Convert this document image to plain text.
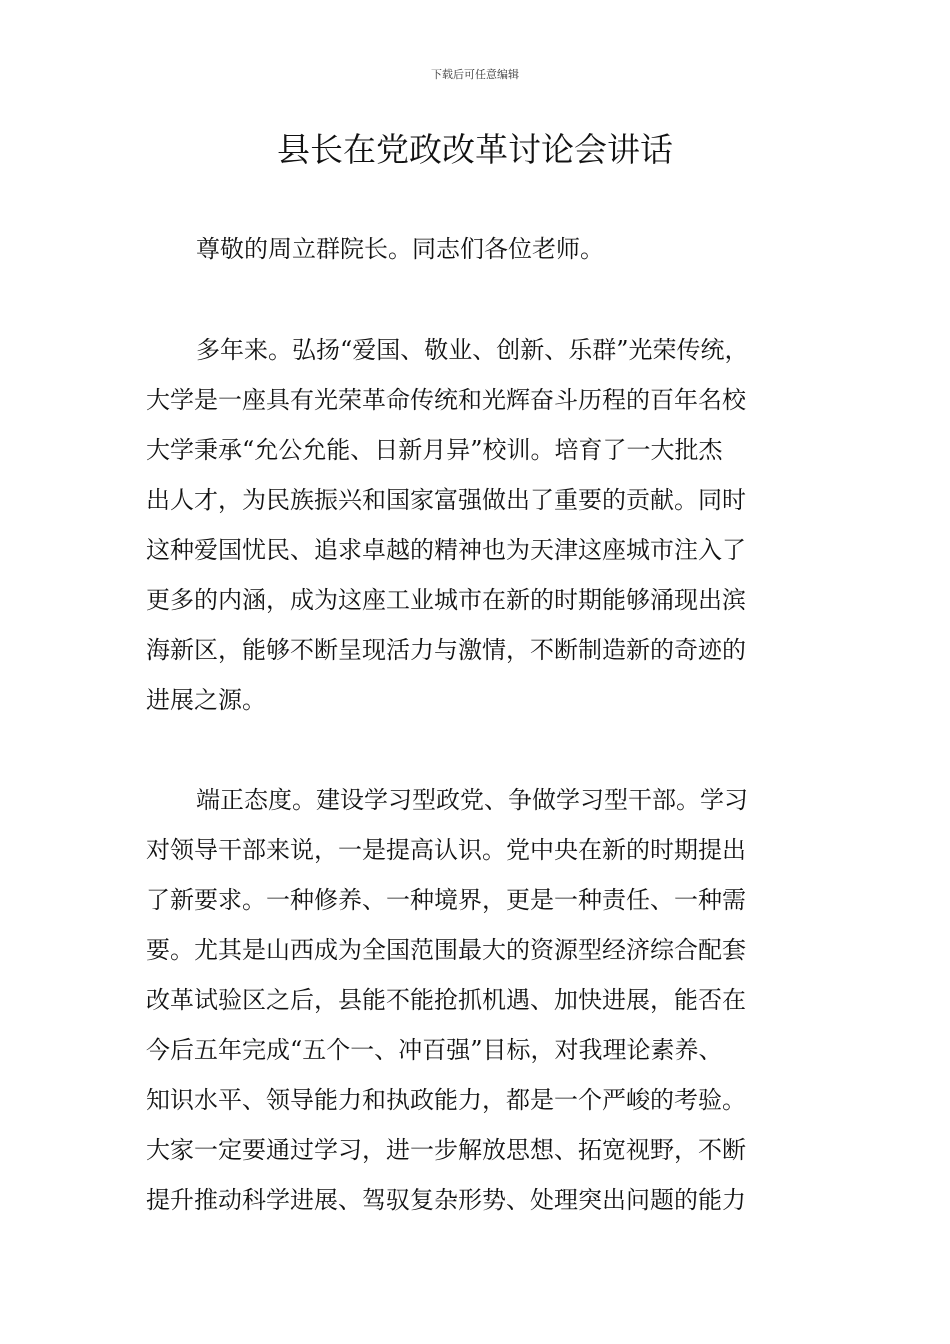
下载后可任意编辑
县长在党政改革讨论会讲话
尊敬的周立群院长。同志们各位老师。
多年来。弘扬“爱国、敬业、创新、乐群”光荣传统，
大学是一座具有光荣革命传统和光辉奋斗历程的百年名校
大学秉承“允公允能、日新月异”校训。培育了一大批杰
出人才，为民族振兴和国家富强做出了重要的贡献。同时
这种爱国忧民、追求卓越的精神也为天津这座城市注入了
更多的内涵，成为这座工业城市在新的时期能够涌现出滨
海新区，能够不断呈现活力与激情，不断制造新的奇迹的
进展之源。
端正态度。建设学习型政党、争做学习型干部。学习
对领导干部来说，一是提高认识。党中央在新的时期提出
了新要求。一种修养、一种境界，更是一种责任、一种需
要。尤其是山西成为全国范围最大的资源型经济综合配套
改革试验区之后，县能不能抢抓机遇、加快进展，能否在
今后五年完成“五个一、冲百强”目标，对我理论素养、
知识水平、领导能力和执政能力，都是一个严峻的考验。
大家一定要通过学习，进一步解放思想、拓宽视野，不断
提升推动科学进展、驾驭复杂形势、处理突出问题的能力
